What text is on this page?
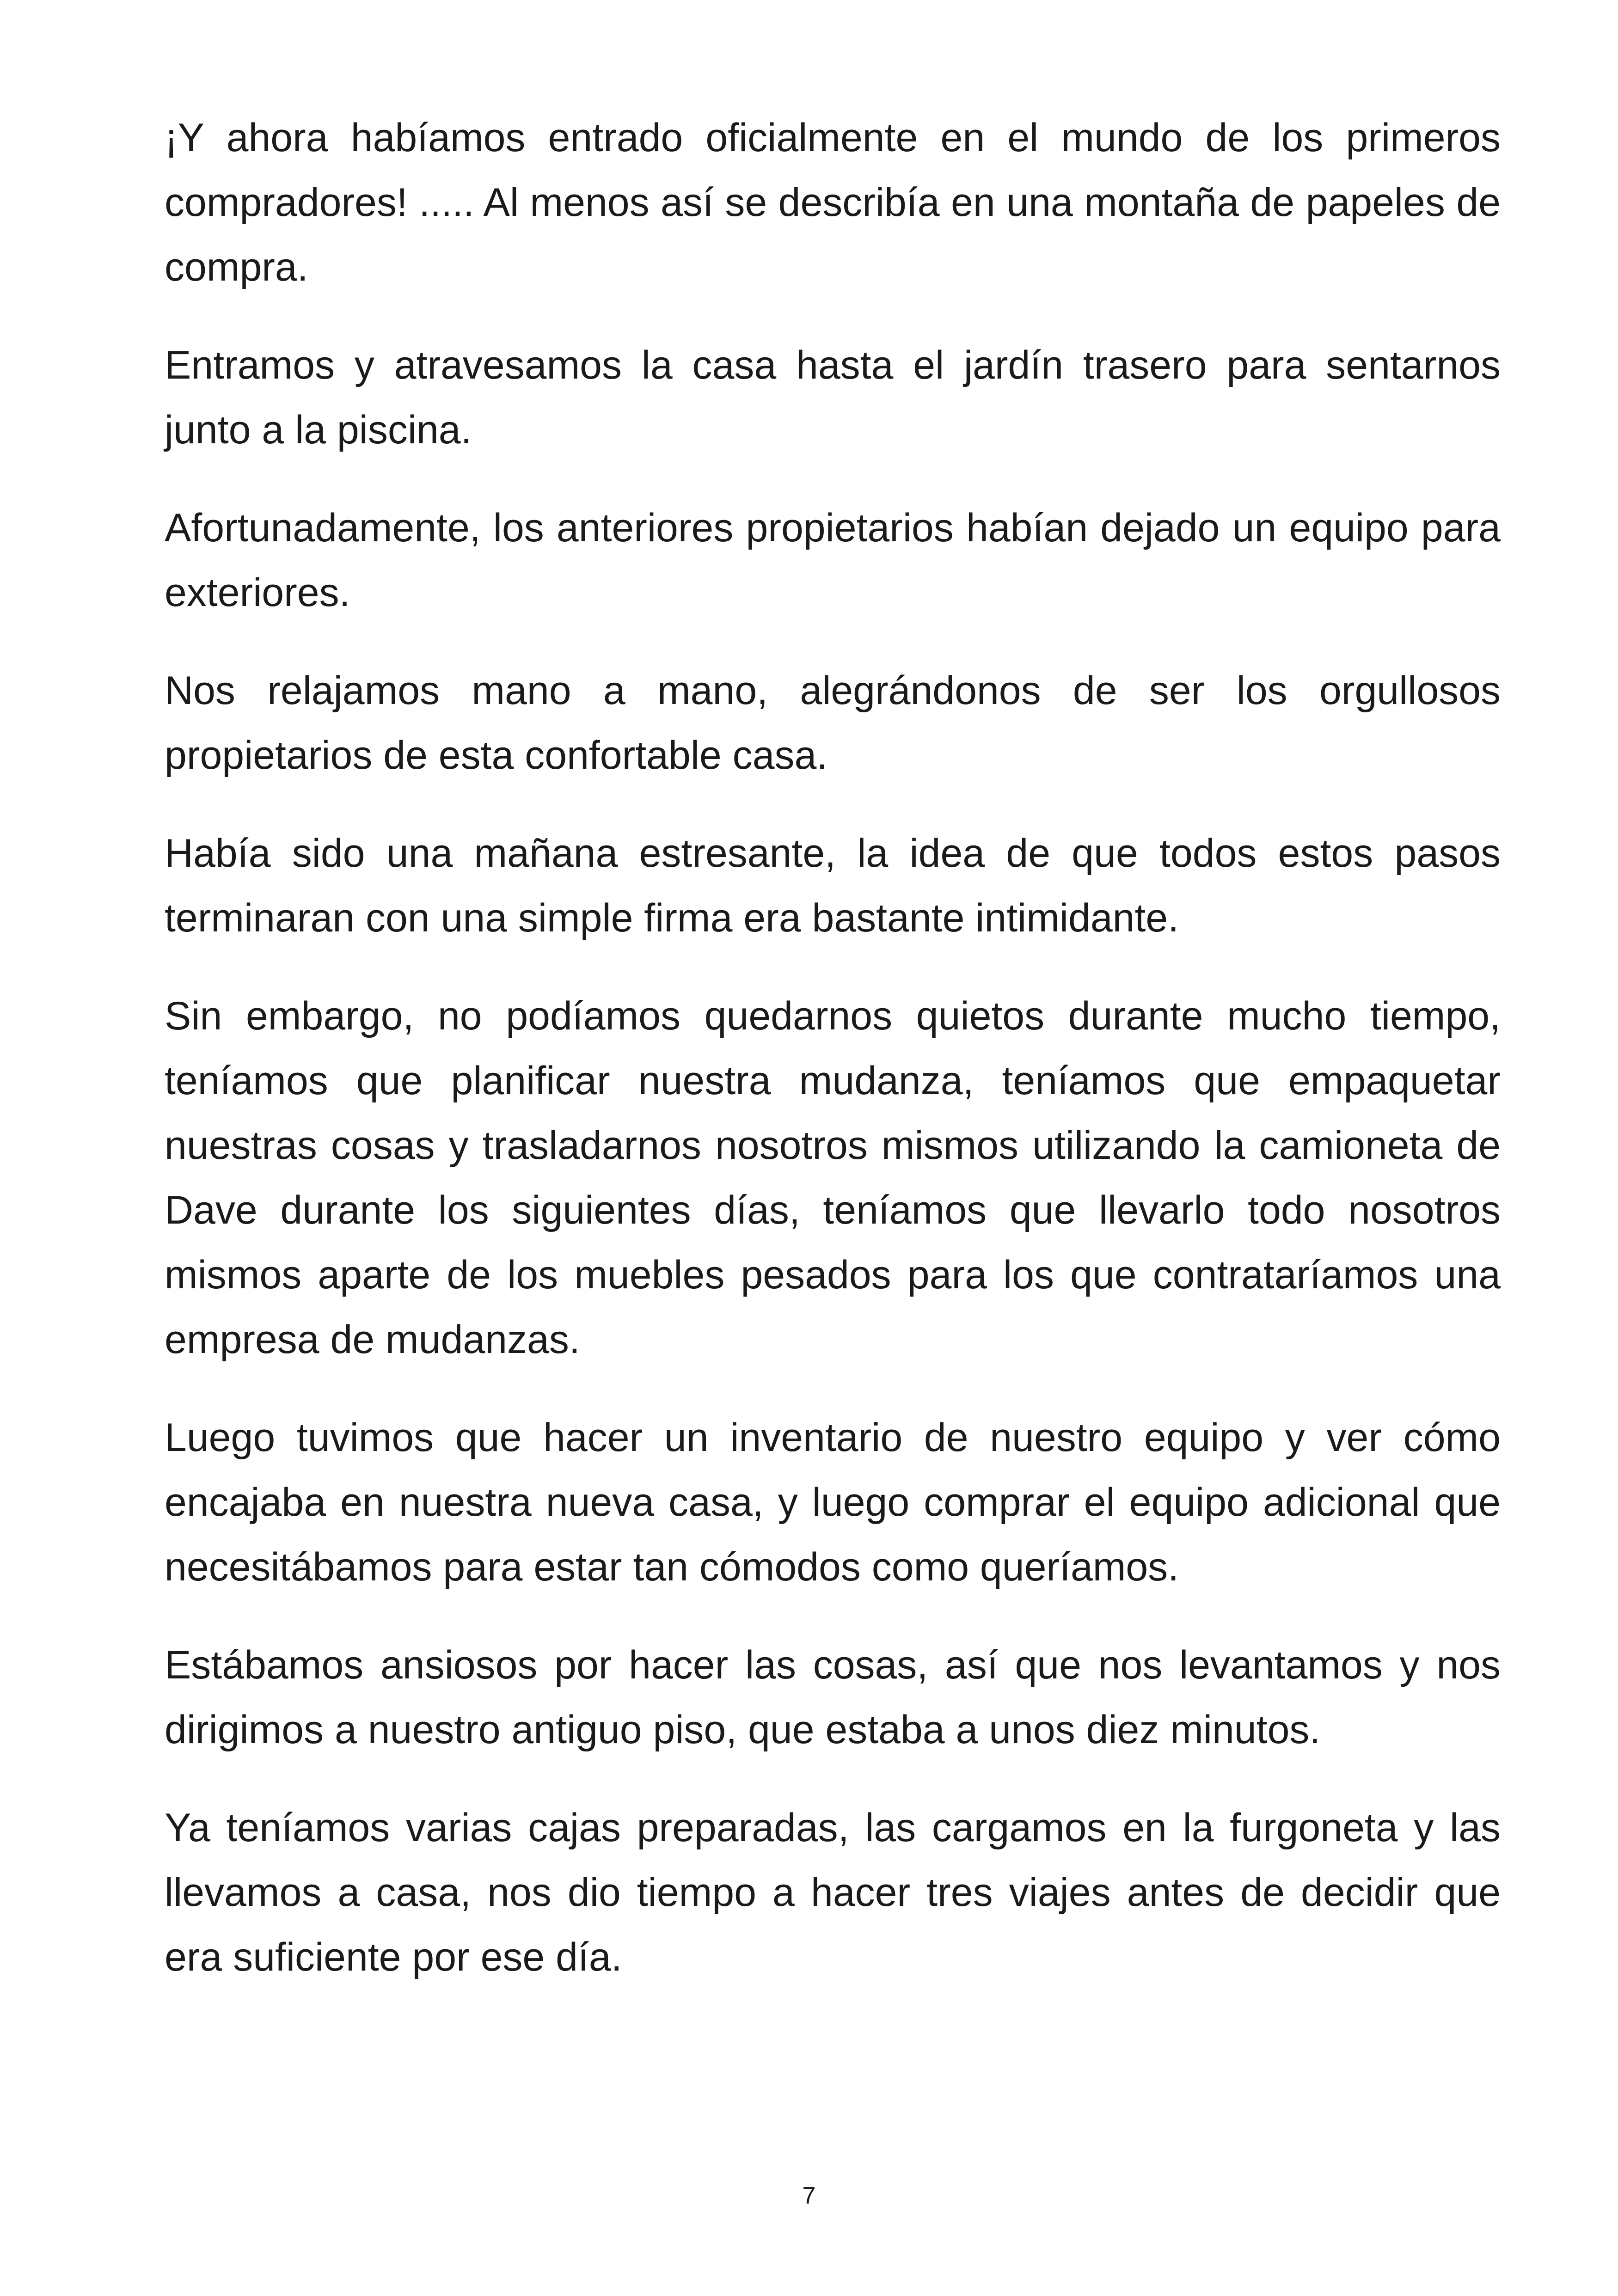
¡Y ahora habíamos entrado oficialmente en el mundo de los primeros compradores! ..... Al menos así se describía en una montaña de papeles de compra.

Entramos y atravesamos la casa hasta el jardín trasero para sentarnos junto a la piscina.

Afortunadamente, los anteriores propietarios habían dejado un equipo para exteriores.

Nos relajamos mano a mano, alegrándonos de ser los orgullosos propietarios de esta confortable casa.

Había sido una mañana estresante, la idea de que todos estos pasos terminaran con una simple firma era bastante intimidante.

Sin embargo, no podíamos quedarnos quietos durante mucho tiempo, teníamos que planificar nuestra mudanza, teníamos que empaquetar nuestras cosas y trasladarnos nosotros mismos utilizando la camioneta de Dave durante los siguientes días, teníamos que llevarlo todo nosotros mismos aparte de los muebles pesados para los que contrataríamos una empresa de mudanzas.

Luego tuvimos que hacer un inventario de nuestro equipo y ver cómo encajaba en nuestra nueva casa, y luego comprar el equipo adicional que necesitábamos para estar tan cómodos como queríamos.

Estábamos ansiosos por hacer las cosas, así que nos levantamos y nos dirigimos a nuestro antiguo piso, que estaba a unos diez minutos.

Ya teníamos varias cajas preparadas, las cargamos en la furgoneta y las llevamos a casa, nos dio tiempo a hacer tres viajes antes de decidir que era suficiente por ese día.

7
